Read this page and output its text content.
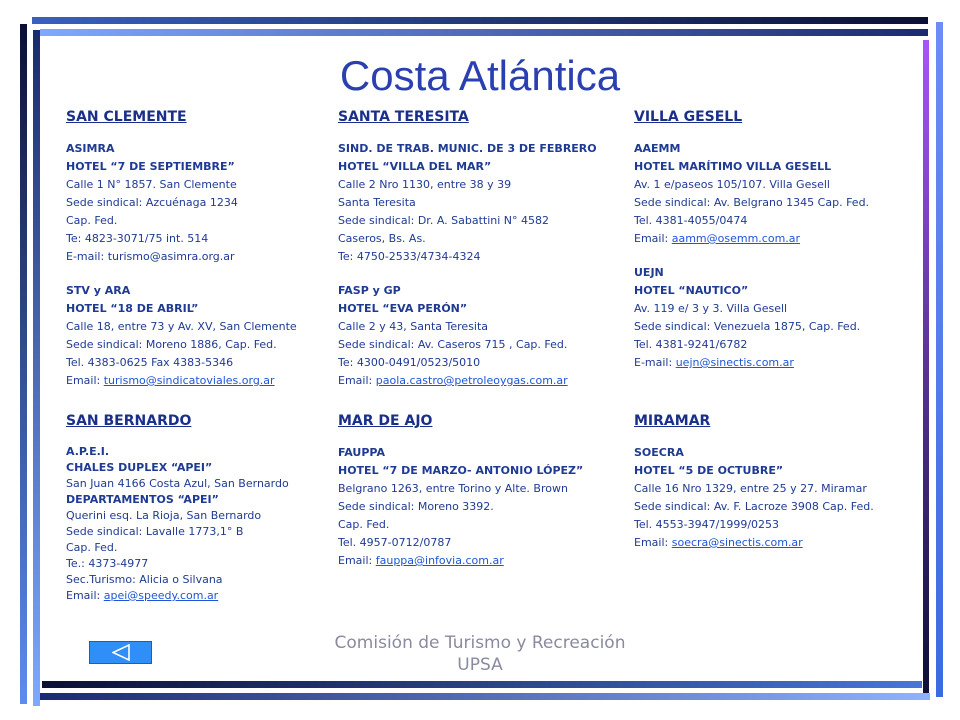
Costa Atlántica

SAN CLEMENTE

ASIMRA

HOTEL “7 DE SEPTIEMBRE”

Calle 1 N° 1857. San Clemente

Sede sindical: Azcuénaga 1234

Cap. Fed.

Te: 4823-3071/75 int. 514

E-mail: turismo@asimra.org.ar

STV y ARA

HOTEL “18 DE ABRIL”

Calle 18, entre 73 y Av. XV, San Clemente

Sede sindical: Moreno 1886, Cap. Fed.

Tel. 4383-0625 Fax 4383-5346

Email: turismo@sindicatoviales.org.ar

SANTA TERESITA

SIND. DE TRAB. MUNIC. DE 3 DE FEBRERO

HOTEL “VILLA DEL MAR”

Calle 2 Nro 1130, entre 38 y 39

Santa Teresita

Sede sindical: Dr. A. Sabattini N° 4582

Caseros, Bs. As.

Te: 4750-2533/4734-4324

FASP y GP

HOTEL “EVA PERÓN”

Calle 2 y 43, Santa Teresita

Sede sindical: Av. Caseros 715 , Cap. Fed.

Te: 4300-0491/0523/5010

Email: paola.castro@petroleoygas.com.ar

VILLA GESELL

AAEMM

HOTEL MARÍTIMO VILLA GESELL

Av. 1 e/paseos 105/107. Villa Gesell

Sede sindical: Av. Belgrano 1345 Cap. Fed.

Tel. 4381-4055/0474

Email: aamm@osemm.com.ar

UEJN

HOTEL “NAUTICO”

Av. 119 e/ 3 y 3. Villa Gesell

Sede sindical: Venezuela 1875, Cap. Fed.

Tel. 4381-9241/6782

E-mail: uejn@sinectis.com.ar

SAN BERNARDO

A.P.E.I.

CHALES DUPLEX “APEI”

San Juan 4166 Costa Azul, San Bernardo

DEPARTAMENTOS “APEI”

Querini esq. La Rioja, San Bernardo

Sede sindical: Lavalle 1773,1° B

Cap. Fed.

Te.: 4373-4977

Sec.Turismo: Alicia o Silvana

Email: apei@speedy.com.ar

MAR DE AJO

FAUPPA

HOTEL “7 DE MARZO- ANTONIO LÓPEZ”

Belgrano 1263, entre Torino y Alte. Brown

Sede sindical: Moreno 3392.

Cap. Fed.

Tel. 4957-0712/0787

Email: fauppa@infovia.com.ar

MIRAMAR

SOECRA

HOTEL “5 DE OCTUBRE”

Calle 16 Nro 1329, entre 25 y 27. Miramar

Sede sindical: Av. F. Lacroze 3908 Cap. Fed.

Tel. 4553-3947/1999/0253

Email: soecra@sinectis.com.ar

Comisión de Turismo y Recreación
UPSA
